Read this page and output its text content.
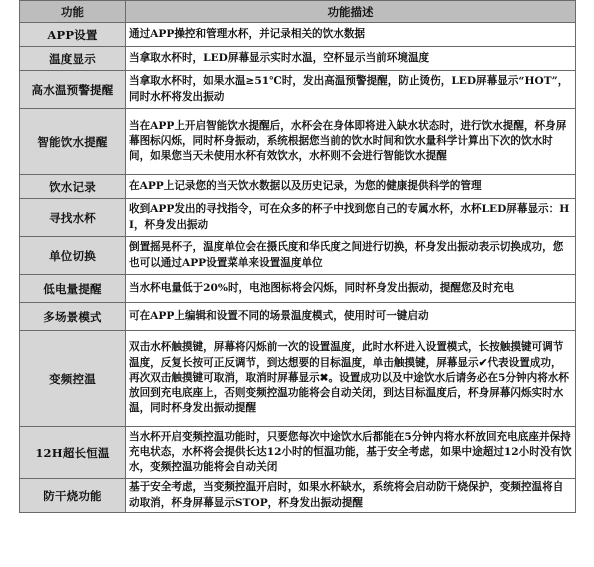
功能	功能描述
APP设置	通过APP操控和管理水杯，并记录相关的饮水数据
温度显示	当拿取水杯时，LED屏幕显示实时水温，空杯显示当前环境温度
高水温预警提醒	当拿取水杯时，如果水温≥51℃时，发出高温预警提醒，防止烫伤，LED屏幕显示“HOT”，同时水杯将发出振动
智能饮水提醒	当在APP上开启智能饮水提醒后，水杯会在身体即将进入缺水状态时，进行饮水提醒，杯身屏幕图标闪烁，同时杯身振动，系统根据您当前的饮水时间和饮水量科学计算出下次的饮水时间，如果您当天未使用水杯有效饮水，水杯则不会进行智能饮水提醒
饮水记录	在APP上记录您的当天饮水数据以及历史记录，为您的健康提供科学的管理
寻找水杯	收到APP发出的寻找指令，可在众多的杯子中找到您自己的专属水杯，水杯LED屏幕显示：HI，杯身发出振动
单位切换	倒置摇晃杯子，温度单位会在摄氏度和华氏度之间进行切换，杯身发出振动表示切换成功，您也可以通过APP设置菜单来设置温度单位
低电量提醒	当水杯电量低于20%时，电池图标将会闪烁，同时杯身发出振动，提醒您及时充电
多场景模式	可在APP上编辑和设置不同的场景温度模式，使用时可一键启动
变频控温	双击水杯触摸键，屏幕将闪烁前一次的设置温度，此时水杯进入设置模式，长按触摸键可调节温度，反复长按可正反调节，到达想要的目标温度，单击触摸键，屏幕显示✔代表设置成功，再次双击触摸键可取消，取消时屏幕显示✖。设置成功以及中途饮水后请务必在5分钟内将水杯放回到充电底座上，否则变频控温功能将会自动关闭，到达目标温度后，杯身屏幕闪烁实时水温，同时杯身发出振动提醒
12H超长恒温	当水杯开启变频控温功能时，只要您每次中途饮水后都能在5分钟内将水杯放回充电底座并保持充电状态，水杯将会提供长达12小时的恒温功能，基于安全考虑，如果中途超过12小时没有饮水，变频控温功能将会自动关闭
防干烧功能	基于安全考虑，当变频控温开启时，如果水杯缺水，系统将会启动防干烧保护，变频控温将自动取消，杯身屏幕显示STOP，杯身发出振动提醒
